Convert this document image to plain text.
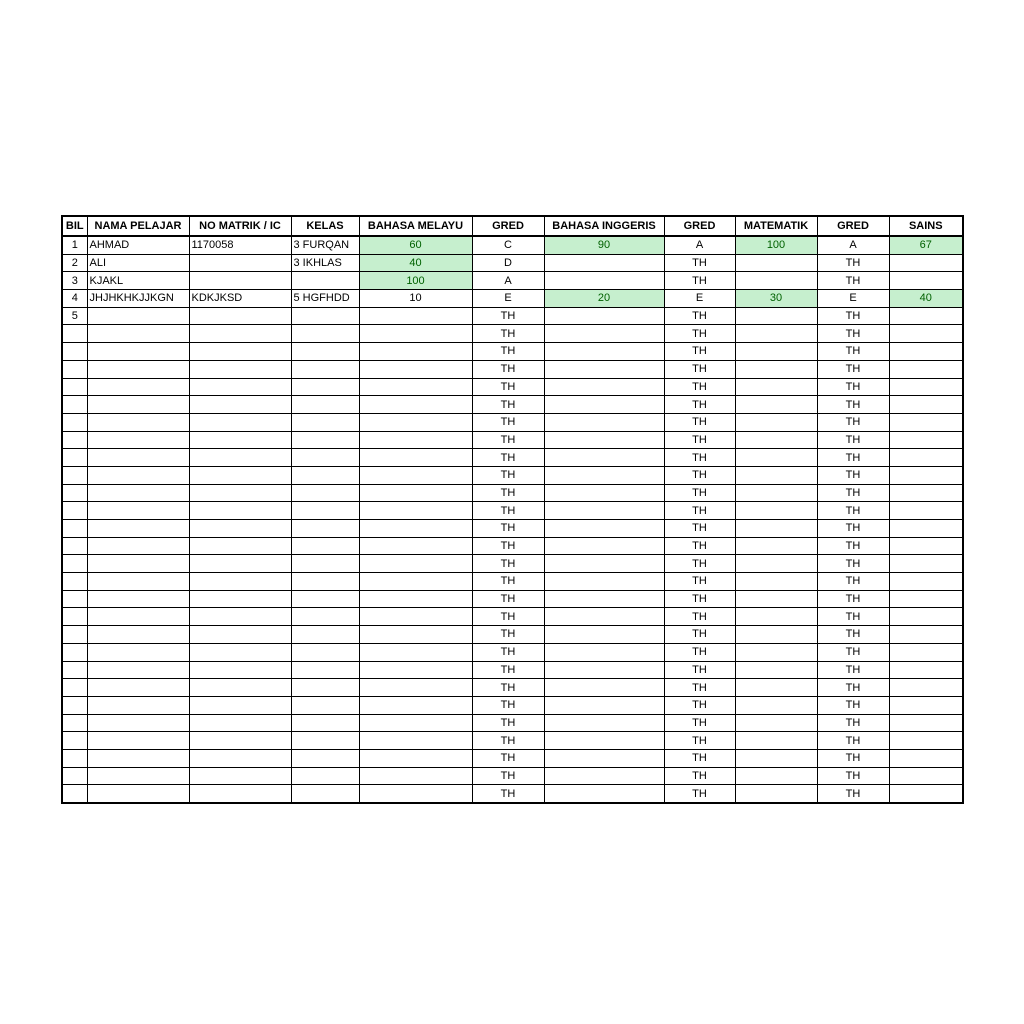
BIL	NAMA PELAJAR	NO MATRIK / IC	KELAS	BAHASA MELAYU	GRED	BAHASA INGGERIS	GRED	MATEMATIK	GRED	SAINS
1	AHMAD	1170058	3 FURQAN	60	C	90	A	100	A	67
2	ALI		3 IKHLAS	40	D		TH		TH	
3	KJAKL			100	A		TH		TH	
4	JHJHKHKJJKGN	KDKJKSD	5 HGFHDD	10	E	20	E	30	E	40
5					TH		TH		TH	
					TH		TH		TH	
					TH		TH		TH	
					TH		TH		TH	
					TH		TH		TH	
					TH		TH		TH	
					TH		TH		TH	
					TH		TH		TH	
					TH		TH		TH	
					TH		TH		TH	
					TH		TH		TH	
					TH		TH		TH	
					TH		TH		TH	
					TH		TH		TH	
					TH		TH		TH	
					TH		TH		TH	
					TH		TH		TH	
					TH		TH		TH	
					TH		TH		TH	
					TH		TH		TH	
					TH		TH		TH	
					TH		TH		TH	
					TH		TH		TH	
					TH		TH		TH	
					TH		TH		TH	
					TH		TH		TH	
					TH		TH		TH	
					TH		TH		TH	
